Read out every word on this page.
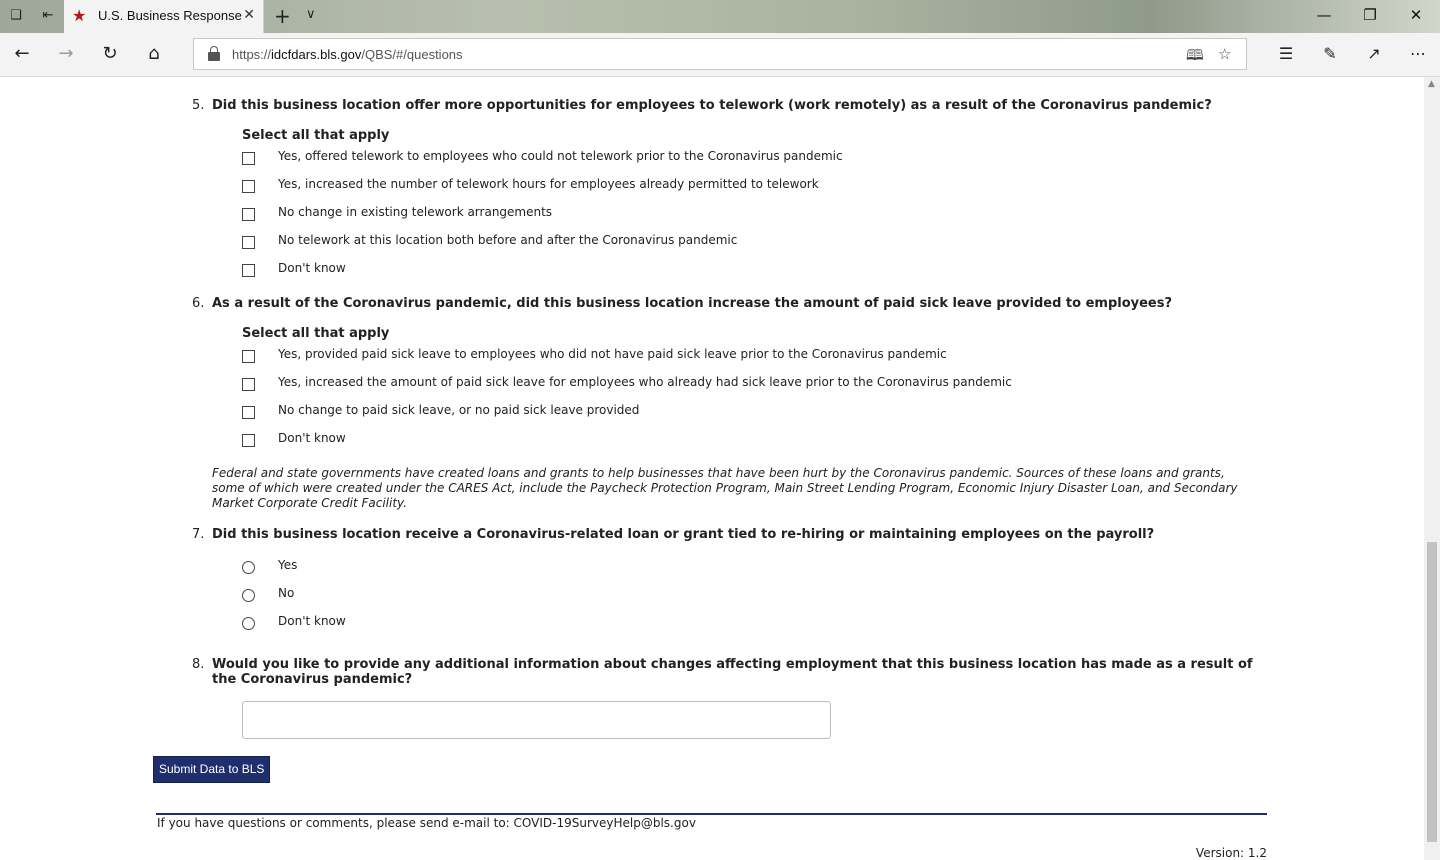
❑ ⇤ ★ U.S. Business Response ✕ + ∨	— ❐ ✕
← → ↻	⌂	https://idcfdars.bls.gov/QBS/#/questions	🕮 ☆	☰	✎	↗	⋯
5. Did this business location offer more opportunities for employees to telework (work remotely) as a result of the Coronavirus pandemic?
Select all that apply
Yes, offered telework to employees who could not telework prior to the Coronavirus pandemic
Yes, increased the number of telework hours for employees already permitted to telework
No change in existing telework arrangements
No telework at this location both before and after the Coronavirus pandemic
Don't know
6. As a result of the Coronavirus pandemic, did this business location increase the amount of paid sick leave provided to employees?
Select all that apply
Yes, provided paid sick leave to employees who did not have paid sick leave prior to the Coronavirus pandemic
Yes, increased the amount of paid sick leave for employees who already had sick leave prior to the Coronavirus pandemic
No change to paid sick leave, or no paid sick leave provided
Don't know
Federal and state governments have created loans and grants to help businesses that have been hurt by the Coronavirus pandemic. Sources of these loans and grants, some of which were created under the CARES Act, include the Paycheck Protection Program, Main Street Lending Program, Economic Injury Disaster Loan, and Secondary Market Corporate Credit Facility.
7. Did this business location receive a Coronavirus-related loan or grant tied to re-hiring or maintaining employees on the payroll?
Yes
No
Don't know
8. Would you like to provide any additional information about changes affecting employment that this business location has made as a result of the Coronavirus pandemic?
Submit Data to BLS
If you have questions or comments, please send e-mail to: COVID-19SurveyHelp@bls.gov
Version: 1.2
▲
